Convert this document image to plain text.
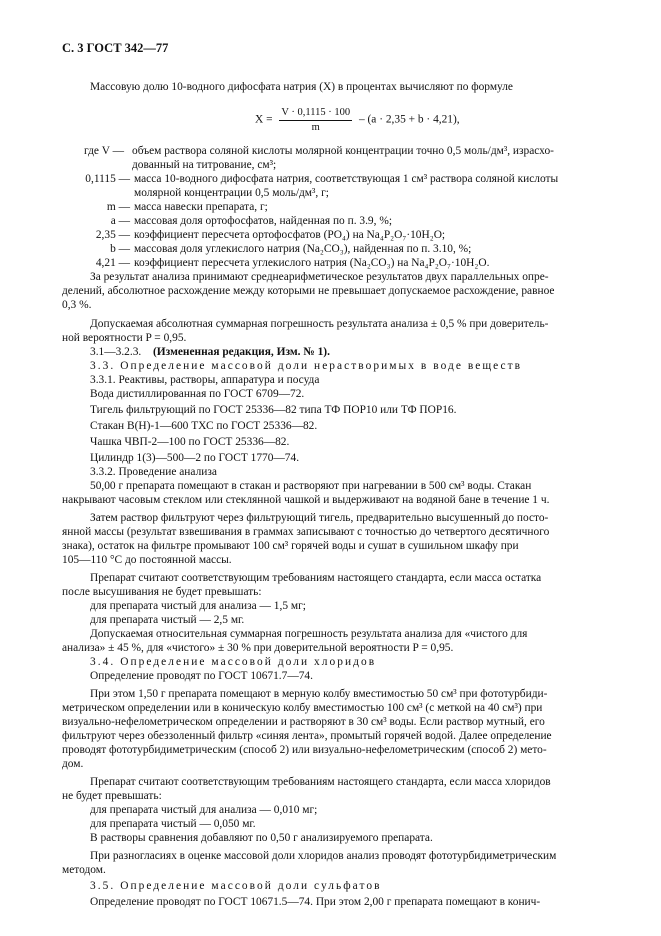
С. 3 ГОСТ 342—77
Массовую долю 10-водного дифосфата натрия (X) в процентах вычисляют по формуле
$X = \frac{V \cdot 0,1115 \cdot 100}{m} - (a \cdot 2,35 + b \cdot 4,21)$,
где V — объем раствора соляной кислоты молярной концентрации точно 0,5 моль/дм³, израсхо-
дованный на титрование, см³;
0,1115 — масса 10-водного дифосфата натрия, соответствующая 1 см³ раствора соляной кислоты
молярной концентрации 0,5 моль/дм³, г;
m — масса навески препарата, г;
a — массовая доля ортофосфатов, найденная по п. 3.9, %;
2,35 — коэффициент пересчета ортофосфатов (PO₄) на Na₄P₂O₇·10H₂O;
b — массовая доля углекислого натрия (Na₂CO₃), найденная по п. 3.10, %;
4,21 — коэффициент пересчета углекислого натрия (Na₂CO₃) на Na₄P₂O₇·10H₂O.
За результат анализа принимают среднеарифметическое результатов двух параллельных опре-
делений, абсолютное расхождение между которыми не превышает допускаемое расхождение, равное
0,3 %.
Допускаемая абсолютная суммарная погрешность результата анализа ± 0,5 % при доверитель-
ной вероятности P = 0,95.
3.1—3.2.3. (Измененная редакция, Изм. № 1).
3.3. Определение массовой доли нерастворимых в воде веществ
3.3.1. Реактивы, растворы, аппаратура и посуда
Вода дистиллированная по ГОСТ 6709—72.
Тигель фильтрующий по ГОСТ 25336—82 типа ТФ ПОР10 или ТФ ПОР16.
Стакан В(Н)-1—600 ТХС по ГОСТ 25336—82.
Чашка ЧВП-2—100 по ГОСТ 25336—82.
Цилиндр 1(3)—500—2 по ГОСТ 1770—74.
3.3.2. Проведение анализа
50,00 г препарата помещают в стакан и растворяют при нагревании в 500 см³ воды. Стакан
накрывают часовым стеклом или стеклянной чашкой и выдерживают на водяной бане в течение 1 ч.
Затем раствор фильтруют через фильтрующий тигель, предварительно высушенный до посто-
янной массы (результат взвешивания в граммах записывают с точностью до четвертого десятичного
знака), остаток на фильтре промывают 100 см³ горячей воды и сушат в сушильном шкафу при
105—110 °С до постоянной массы.
Препарат считают соответствующим требованиям настоящего стандарта, если масса остатка
после высушивания не будет превышать:
для препарата чистый для анализа — 1,5 мг;
для препарата чистый — 2,5 мг.
Допускаемая относительная суммарная погрешность результата анализа для «чистого для
анализа» ± 45 %, для «чистого» ± 30 % при доверительной вероятности P = 0,95.
3.4. Определение массовой доли хлоридов
Определение проводят по ГОСТ 10671.7—74.
При этом 1,50 г препарата помещают в мерную колбу вместимостью 50 см³ при фототурбиди-
метрическом определении или в коническую колбу вместимостью 100 см³ (с меткой на 40 см³) при
визуально-нефелометрическом определении и растворяют в 30 см³ воды. Если раствор мутный, его
фильтруют через обеззоленный фильтр «синяя лента», промытый горячей водой. Далее определение
проводят фототурбидиметрическим (способ 2) или визуально-нефелометрическим (способ 2) мето-
дом.
Препарат считают соответствующим требованиям настоящего стандарта, если масса хлоридов
не будет превышать:
для препарата чистый для анализа — 0,010 мг;
для препарата чистый — 0,050 мг.
В растворы сравнения добавляют по 0,50 г анализируемого препарата.
При разногласиях в оценке массовой доли хлоридов анализ проводят фототурбидиметрическим
методом.
3.5. Определение массовой доли сульфатов
Определение проводят по ГОСТ 10671.5—74. При этом 2,00 г препарата помещают в конич-
